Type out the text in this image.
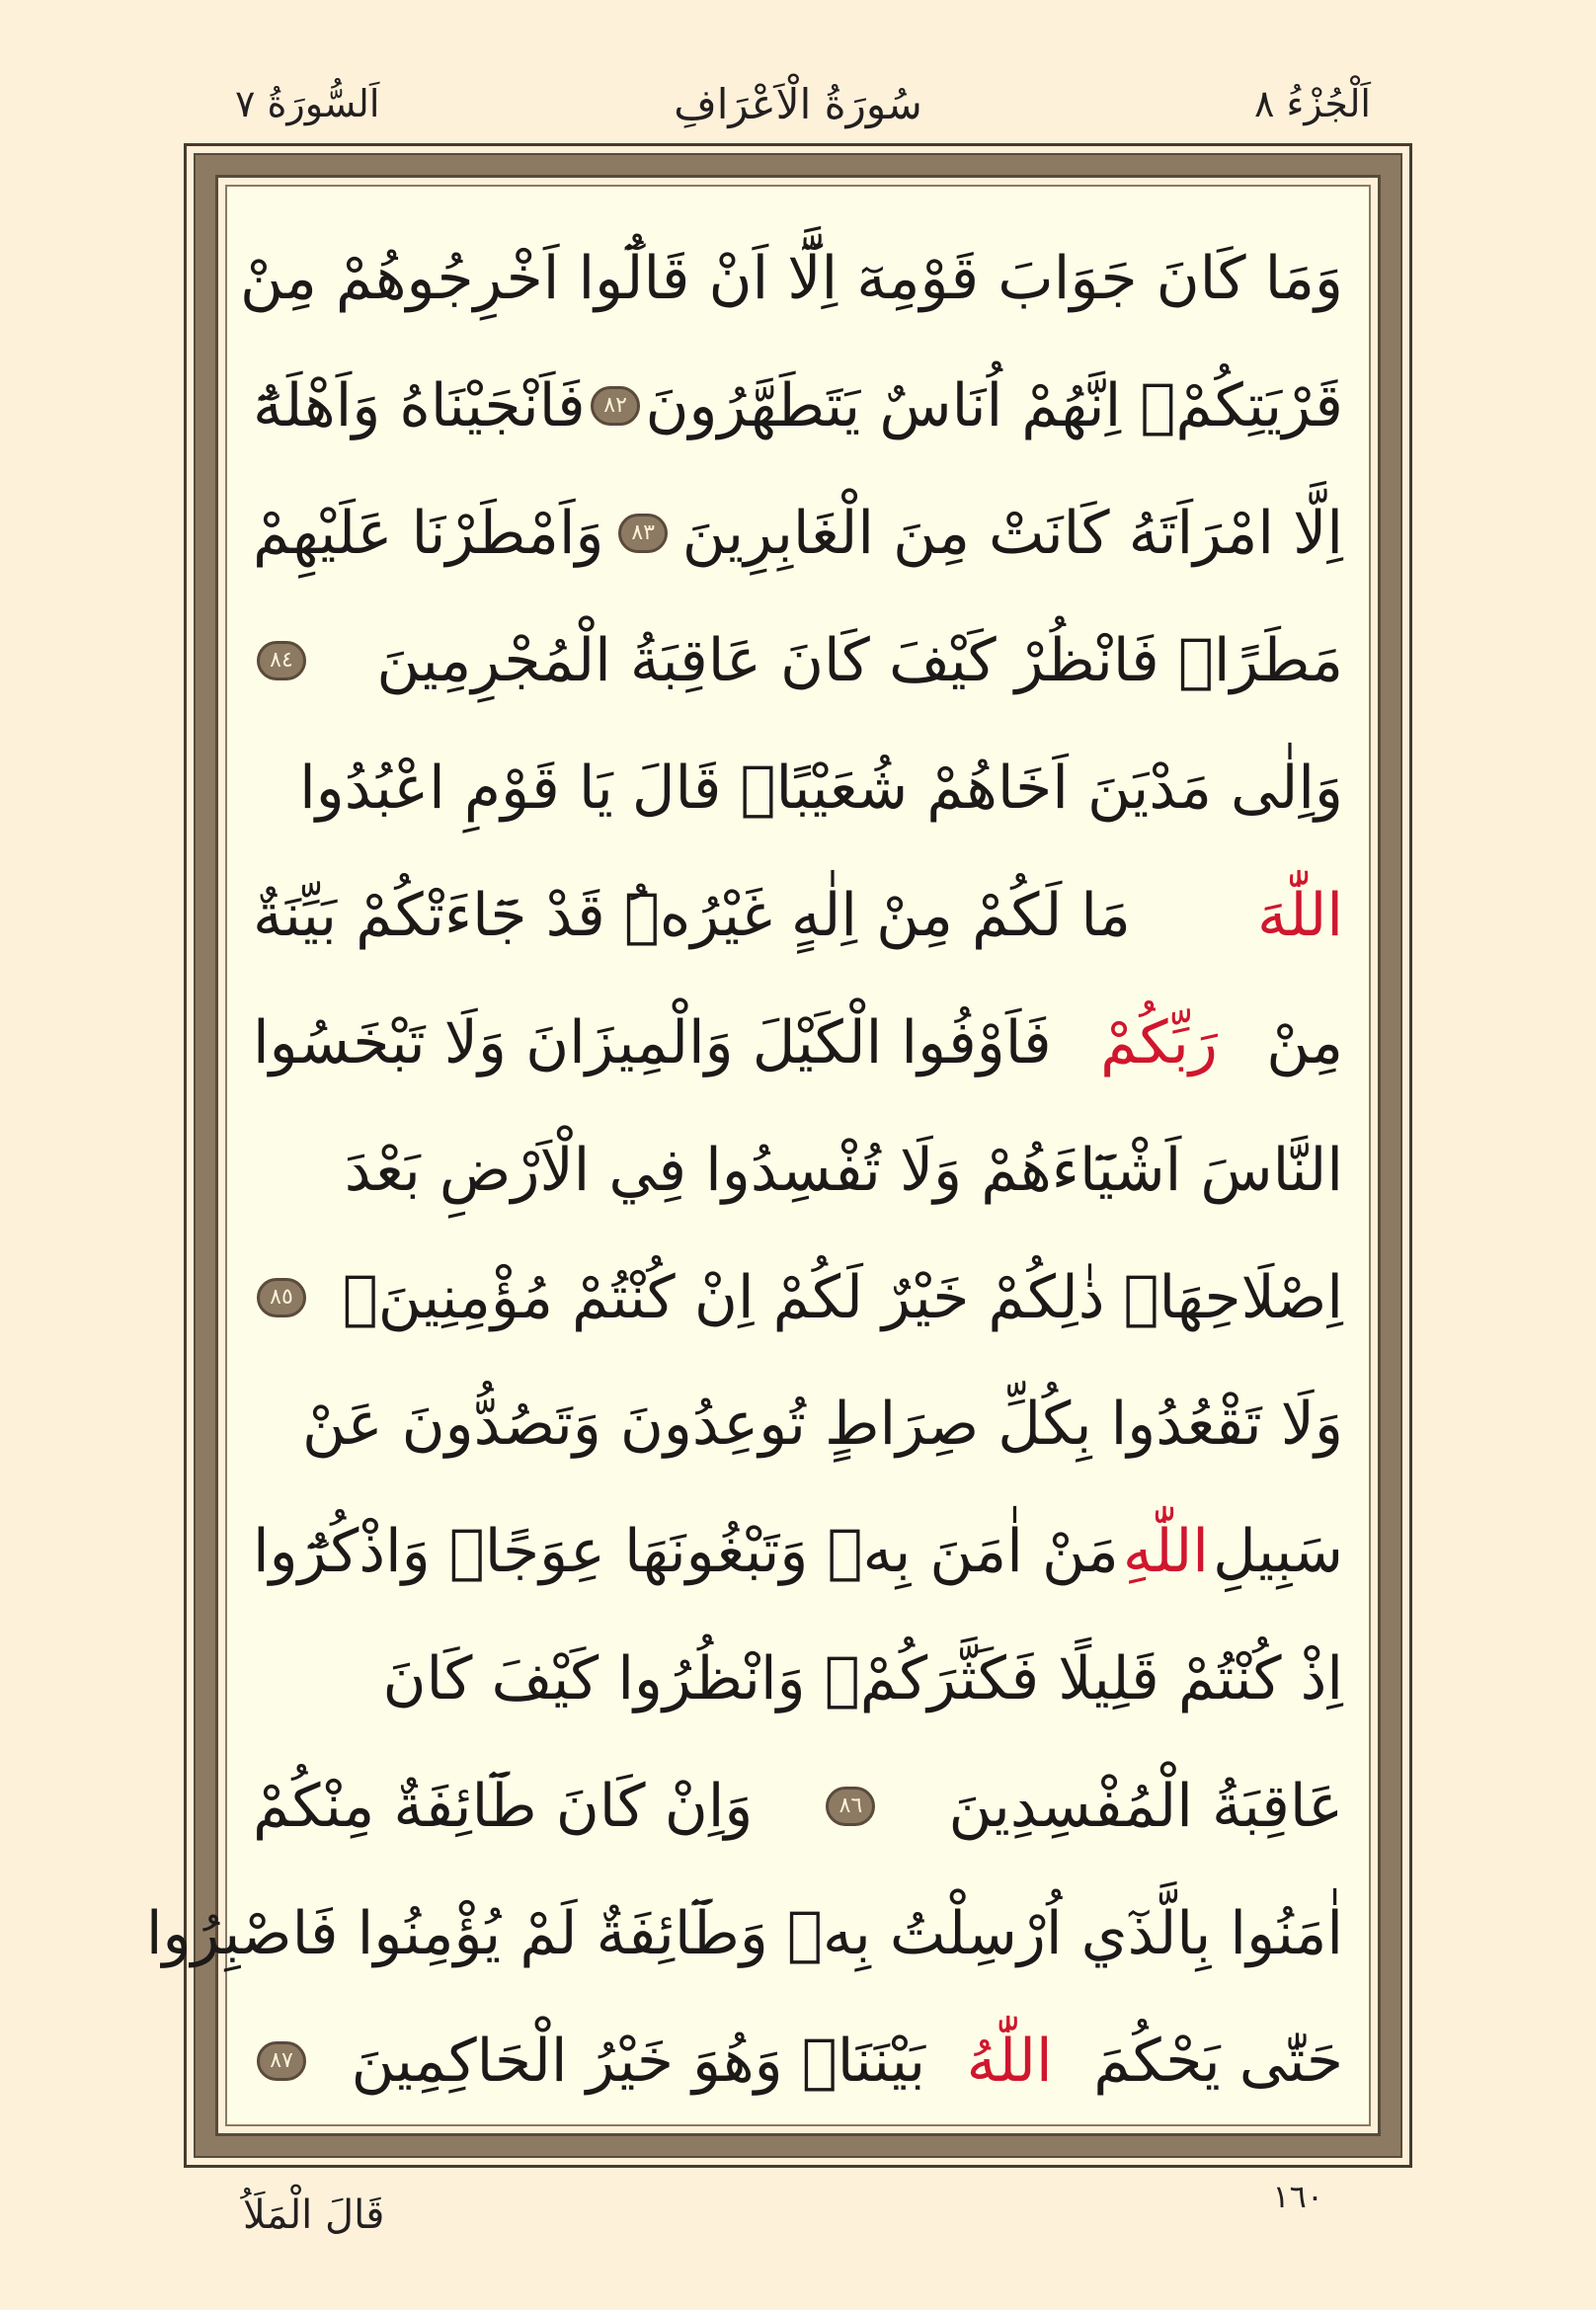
اَلْجُزْءُ ٨
سُورَةُ الْاَعْرَافِ
اَلسُّورَةُ ٧
وَمَا كَانَ جَوَابَ قَوْمِهٓ اِلَّٓا اَنْ قَالُٓوا اَخْرِجُوهُمْ مِنْ
قَرْيَتِكُمْۚ اِنَّهُمْ اُنَاسٌ يَتَطَهَّرُونَ
٨٢
فَاَنْجَيْنَاهُ وَاَهْلَهُٓ
اِلَّا امْرَاَتَهُ كَانَتْ مِنَ الْغَابِرِينَ
٨٣
وَاَمْطَرْنَا عَلَيْهِمْ
مَطَرًاۜ فَانْظُرْ كَيْفَ كَانَ عَاقِبَةُ الْمُجْرِمِينَ
٨٤
وَاِلٰى مَدْيَنَ اَخَاهُمْ شُعَيْبًاۜ قَالَ يَا قَوْمِ اعْبُدُوا
اللّٰهَ
مَا لَكُمْ مِنْ اِلٰهٍ غَيْرُهُۜ قَدْ جَٓاءَتْكُمْ بَيِّنَةٌ
مِنْ
رَبِّكُمْ
فَاَوْفُوا الْكَيْلَ وَالْمِيزَانَ وَلَا تَبْخَسُوا
النَّاسَ اَشْيَٓاءَهُمْ وَلَا تُفْسِدُوا فِي الْاَرْضِ بَعْدَ
اِصْلَاحِهَاۜ ذٰلِكُمْ خَيْرٌ لَكُمْ اِنْ كُنْتُمْ مُؤْمِنِينَۚ
٨٥
وَلَا تَقْعُدُوا بِكُلِّ صِرَاطٍ تُوعِدُونَ وَتَصُدُّونَ عَنْ
سَبِيلِ
اللّٰهِ
مَنْ اٰمَنَ بِهٖ وَتَبْغُونَهَا عِوَجًاۚ وَاذْكُرُٓوا
اِذْ كُنْتُمْ قَلِيلًا فَكَثَّرَكُمْۖ وَانْظُرُوا كَيْفَ كَانَ
عَاقِبَةُ الْمُفْسِدِينَ
٨٦
وَاِنْ كَانَ طَٓائِفَةٌ مِنْكُمْ
اٰمَنُوا بِالَّذٓي اُرْسِلْتُ بِهٖ وَطَٓائِفَةٌ لَمْ يُؤْمِنُوا فَاصْبِرُوا
حَتّٰى يَحْكُمَ
اللّٰهُ
بَيْنَنَاۚ وَهُوَ خَيْرُ الْحَاكِمِينَ
٨٧
قَالَ الْمَلَاُ	١٦٠
